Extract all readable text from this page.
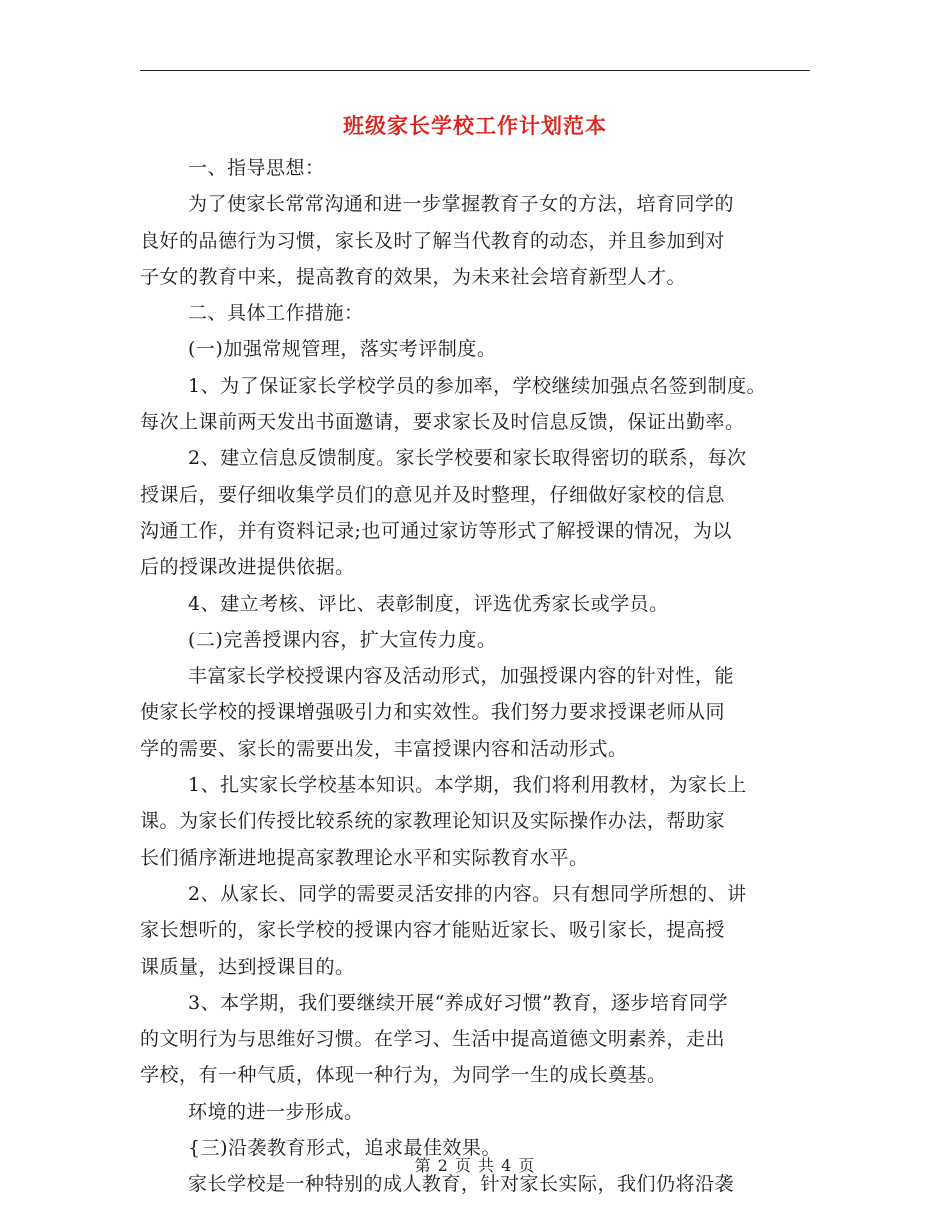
班级家长学校工作计划范本
一、指导思想：
为了使家长常常沟通和进一步掌握教育子女的方法，培育同学的
良好的品德行为习惯，家长及时了解当代教育的动态，并且参加到对
子女的教育中来，提高教育的效果，为未来社会培育新型人才。
二、具体工作措施：
(一)加强常规管理，落实考评制度。
1、为了保证家长学校学员的参加率，学校继续加强点名签到制度。
每次上课前两天发出书面邀请，要求家长及时信息反馈，保证出勤率。
2、建立信息反馈制度。家长学校要和家长取得密切的联系，每次
授课后，要仔细收集学员们的意见并及时整理，仔细做好家校的信息
沟通工作，并有资料记录;也可通过家访等形式了解授课的情况，为以
后的授课改进提供依据。
4、建立考核、评比、表彰制度，评选优秀家长或学员。
(二)完善授课内容，扩大宣传力度。
丰富家长学校授课内容及活动形式，加强授课内容的针对性，能
使家长学校的授课增强吸引力和实效性。我们努力要求授课老师从同
学的需要、家长的需要出发，丰富授课内容和活动形式。
1、扎实家长学校基本知识。本学期，我们将利用教材，为家长上
课。为家长们传授比较系统的家教理论知识及实际操作办法，帮助家
长们循序渐进地提高家教理论水平和实际教育水平。
2、从家长、同学的需要灵活安排的内容。只有想同学所想的、讲
家长想听的，家长学校的授课内容才能贴近家长、吸引家长，提高授
课质量，达到授课目的。
3、本学期，我们要继续开展“养成好习惯”教育，逐步培育同学
的文明行为与思维好习惯。在学习、生活中提高道德文明素养，走出
学校，有一种气质，体现一种行为，为同学一生的成长奠基。
环境的进一步形成。
{三)沿袭教育形式，追求最佳效果。
家长学校是一种特别的成人教育，针对家长实际，我们仍将沿袭
第 2 页 共 4 页
